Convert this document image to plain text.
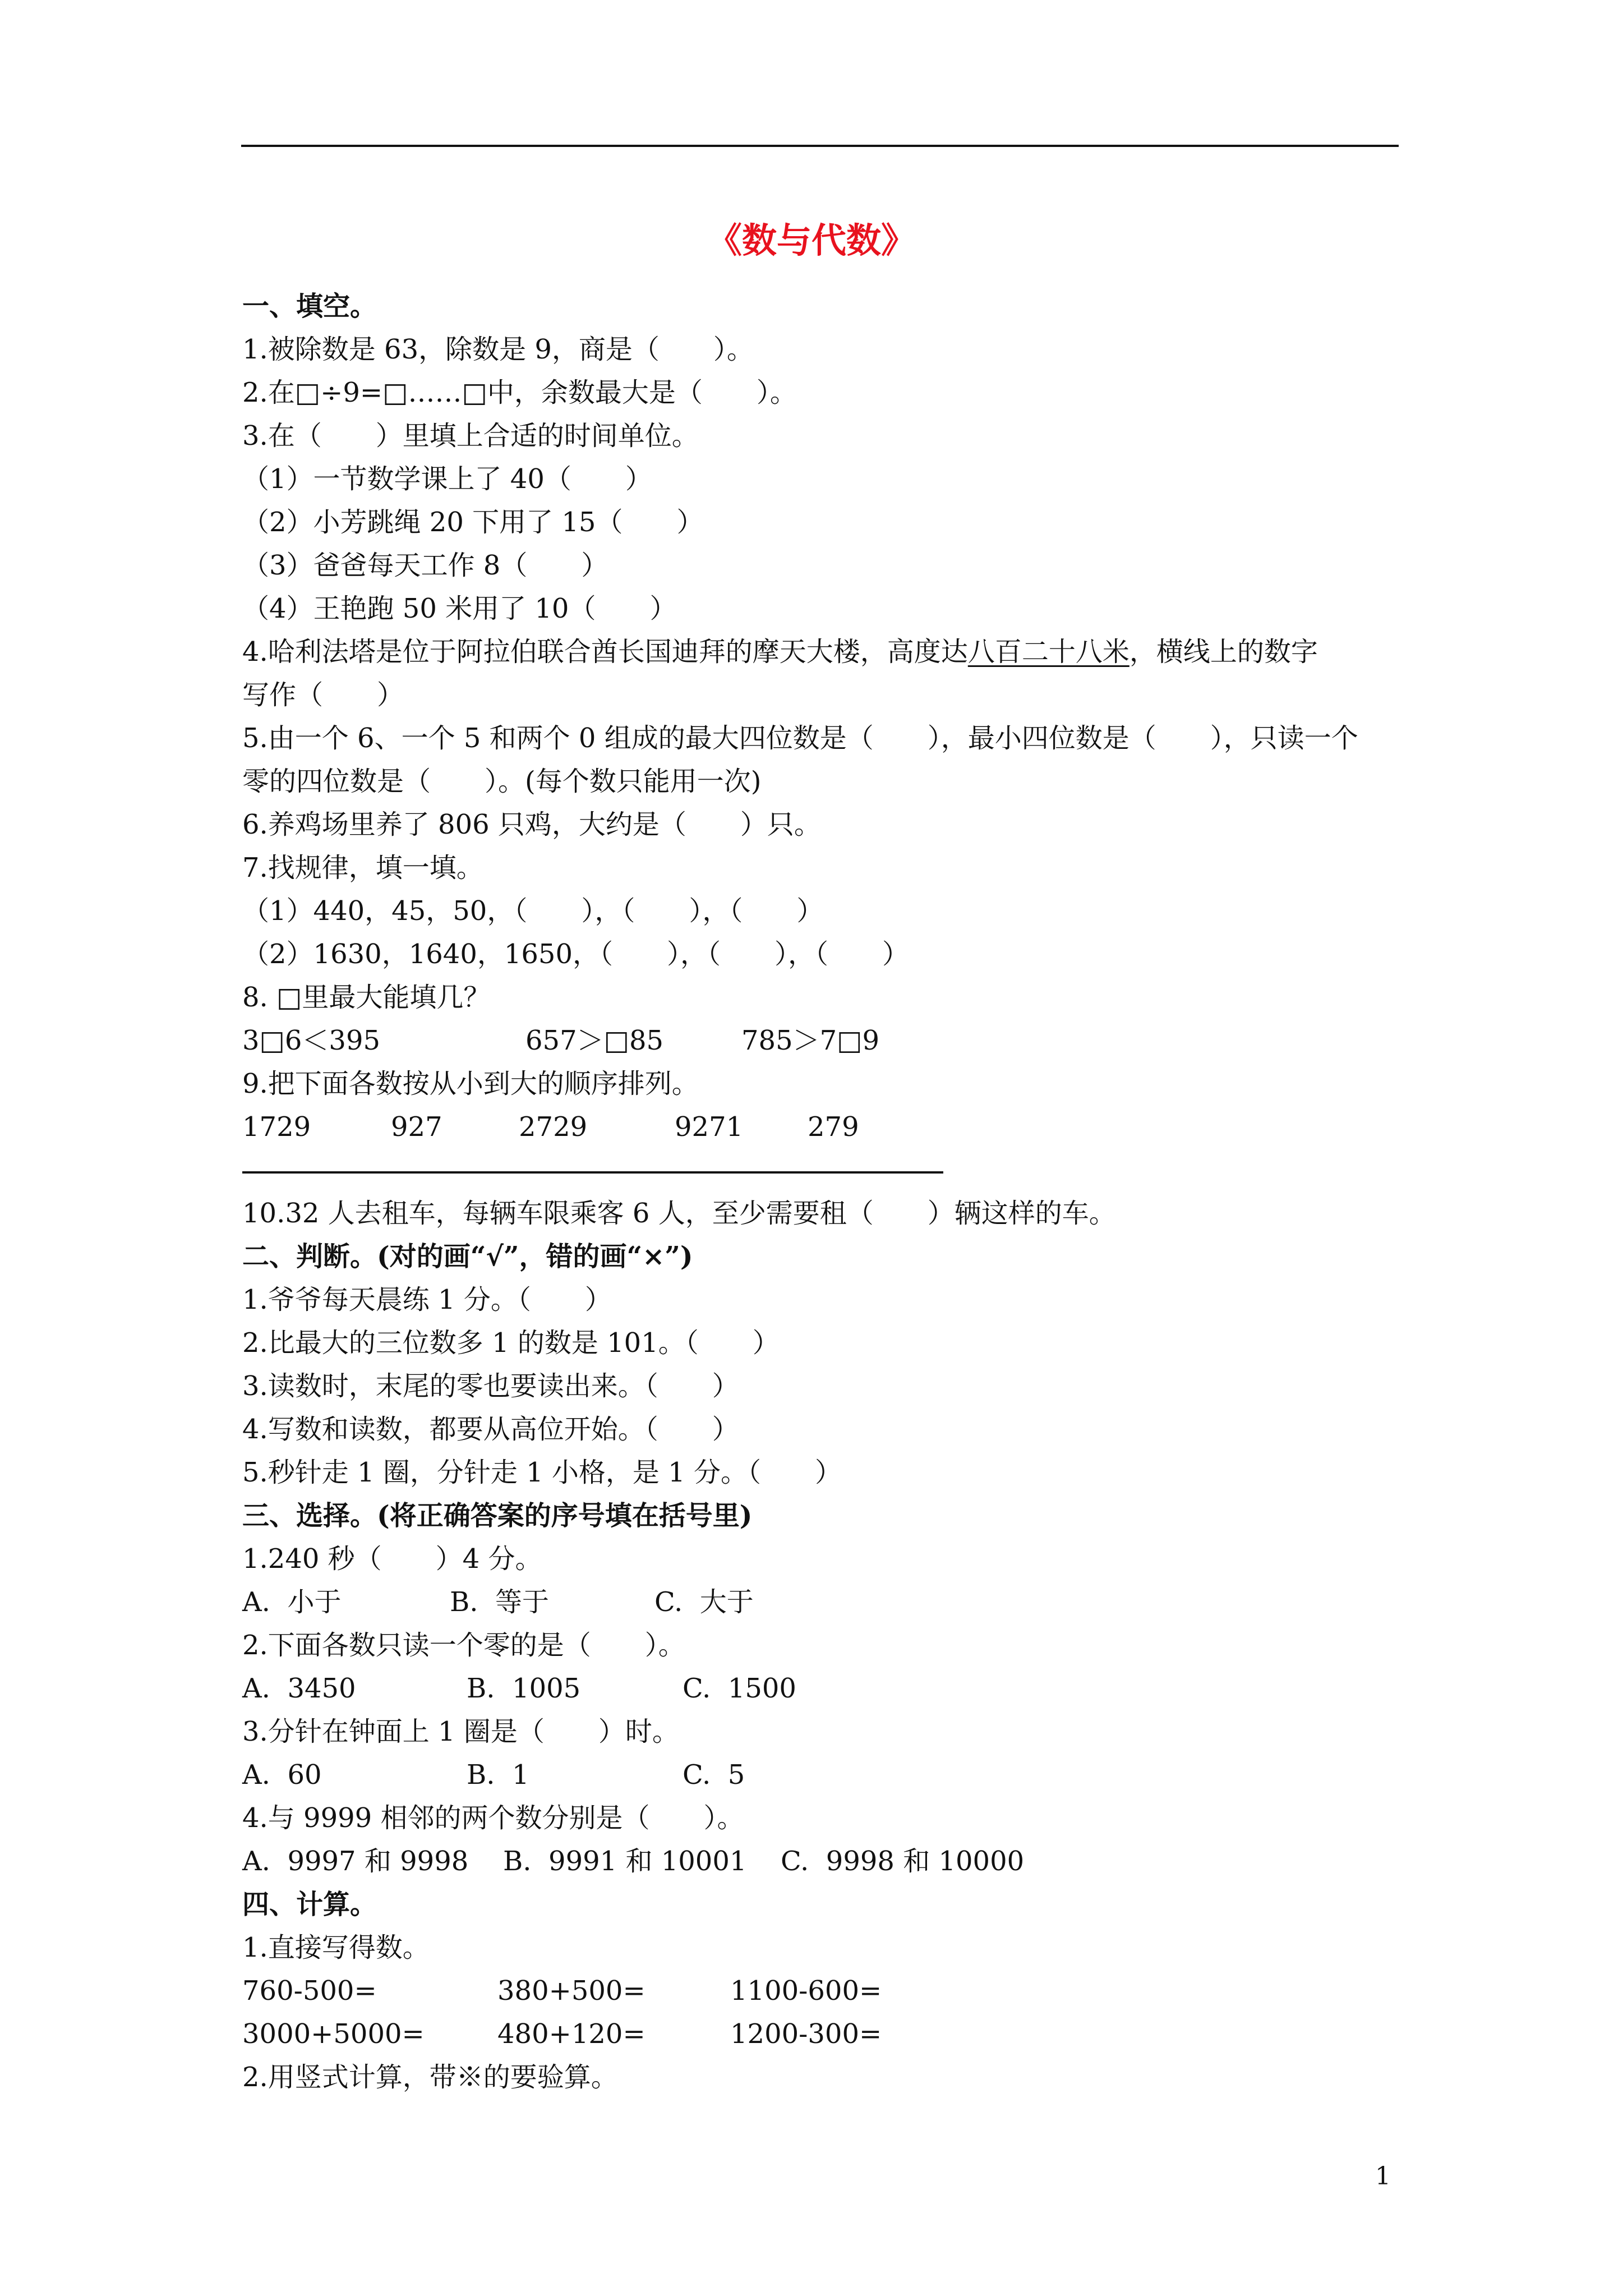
《数与代数》
一、填空。
1.被除数是 63，除数是 9，商是（　　）。
2.在□÷9=□……□中，余数最大是（　　）。
3.在（　　）里填上合适的时间单位。
（1）一节数学课上了 40（　　）
（2）小芳跳绳 20 下用了 15（　　）
（3）爸爸每天工作 8（　　）
（4）王艳跑 50 米用了 10（　　）
4.哈利法塔是位于阿拉伯联合酋长国迪拜的摩天大楼，高度达八百二十八米，横线上的数字
写作（　　）
5.由一个 6、一个 5 和两个 0 组成的最大四位数是（　　），最小四位数是（　　），只读一个
零的四位数是（　　）。(每个数只能用一次)
6.养鸡场里养了 806 只鸡，大约是（　　）只。
7.找规律，填一填。
（1）440，45，50，（　　），（　　），（　　）
（2）1630，1640，1650，（　　），（　　），（　　）
8. □里最大能填几？
3□6＜395	657＞□85	785＞7□9
9.把下面各数按从小到大的顺序排列。
1729	927	2729	9271	279
10.32 人去租车，每辆车限乘客 6 人，至少需要租（　　）辆这样的车。
二、判断。(对的画“√”，错的画“×”)
1.爷爷每天晨练 1 分。（　　）
2.比最大的三位数多 1 的数是 101。（　　）
3.读数时，末尾的零也要读出来。（　　）
4.写数和读数，都要从高位开始。（　　）
5.秒针走 1 圈，分针走 1 小格，是 1 分。（　　）
三、选择。(将正确答案的序号填在括号里)
1.240 秒（　　）4 分。
A.  小于	B.  等于	C.  大于
2.下面各数只读一个零的是（　　）。
A.  3450	B.  1005	C.  1500
3.分针在钟面上 1 圈是（　　）时。
A.  60	B.  1	C.  5
4.与 9999 相邻的两个数分别是（　　）。
A.  9997 和 9998	B.  9991 和 10001	C.  9998 和 10000
四、计算。
1.直接写得数。
760-500=	380+500=	1100-600=
3000+5000=	480+120=	1200-300=
2.用竖式计算，带※的要验算。
1
